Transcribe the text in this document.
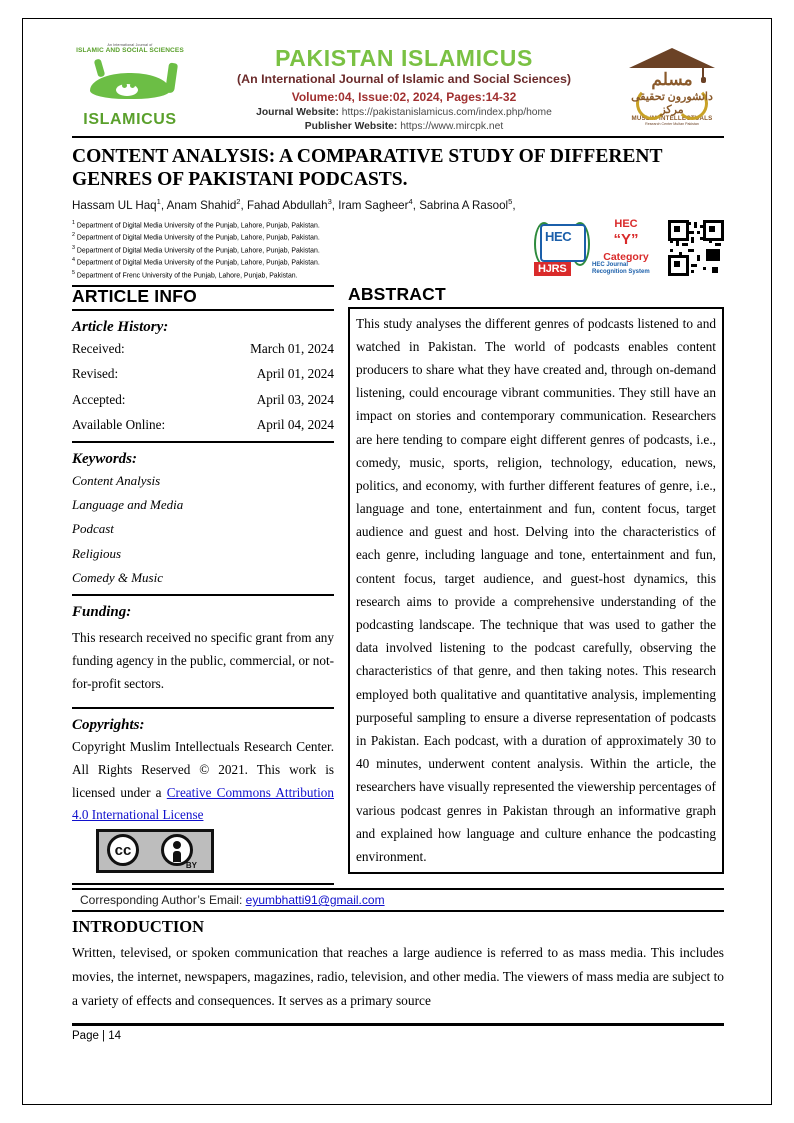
An International Journal of
ISLAMIC AND SOCIAL SCIENCES
ISLAMICUS
PAKISTAN ISLAMICUS
(An International Journal of Islamic and Social Sciences)
Volume:04, Issue:02, 2024, Pages:14-32
Journal Website: https://pakistanislamicus.com/index.php/home
Publisher Website: https://www.mircpk.net
مسلم
دانشورون تحقیقی مرکز
MUSLIM INTELLECTUALS
Research Center Multan Pakistan
CONTENT ANALYSIS: A COMPARATIVE STUDY OF DIFFERENT GENRES OF PAKISTANI PODCASTS.
Hassam UL Haq$^1$, Anam Shahid$^2$, Fahad Abdullah$^3$, Iram Sagheer$^4$, Sabrina A Rasool$^5$,
$^1$ Department of Digital Media University of the Punjab, Lahore, Punjab, Pakistan.
$^2$ Department of Digital Media University of the Punjab, Lahore, Punjab, Pakistan.
$^3$ Department of Digital Media University of the Punjab, Lahore, Punjab, Pakistan.
$^4$ Department of Digital Media University of the Punjab, Lahore, Punjab, Pakistan.
$^5$ Department of Frenc University of the Punjab, Lahore, Punjab, Pakistan.
HEC
HEC
“Y”
Category
HJRS	HEC Journal
Recognition System
ARTICLE INFO
Article History:
Received:	March 01, 2024
Revised:	April 01, 2024
Accepted:	April 03, 2024
Available Online:	April 04, 2024
Keywords:
Content Analysis
Language and Media
Podcast
Religious
Comedy & Music
Funding:
This research received no specific grant from any funding agency in the public, commercial, or not-for-profit sectors.
Copyrights:
Copyright Muslim Intellectuals Research Center. All Rights Reserved © 2021. This work is licensed under a Creative Commons Attribution 4.0 International License
cc
BY
ABSTRACT

This study analyses the different genres of podcasts listened to and watched in Pakistan. The world of podcasts enables content producers to share what they have created and, through on-demand listening, could encourage vibrant communities. They still have an impact on stories and contemporary communication. Researchers are here tending to compare eight different genres of podcasts, i.e., comedy, music, sports, religion, technology, education, news, politics, and economy, with further different features of genre, i.e., language and tone, entertainment and fun, content focus, target audience and guest and host. Delving into the characteristics of each genre, including language and tone, entertainment and fun, content focus, target audience, and guest-host dynamics, this research aims to provide a comprehensive understanding of the podcasting landscape. The technique that was used to gather the data involved listening to the podcast carefully, observing the characteristics of that genre, and then taking notes. This research employed both qualitative and quantitative analysis, implementing purposeful sampling to ensure a diverse representation of podcasts in Pakistan. Each podcast, with a duration of approximately 30 to 40 minutes, underwent content analysis. Within the article, the researchers have visually represented the viewership percentages of various podcast genres in Pakistan through an informative graph and explained how language and culture enhance the podcasting environment.

Corresponding Author’s Email: eyumbhatti91@gmail.com
INTRODUCTION

Written, televised, or spoken communication that reaches a large audience is referred to as mass media. This includes movies, the internet, newspapers, magazines, radio, television, and other media. The viewers of mass media are subject to a variety of effects and consequences. It serves as a primary source

Page | 14
